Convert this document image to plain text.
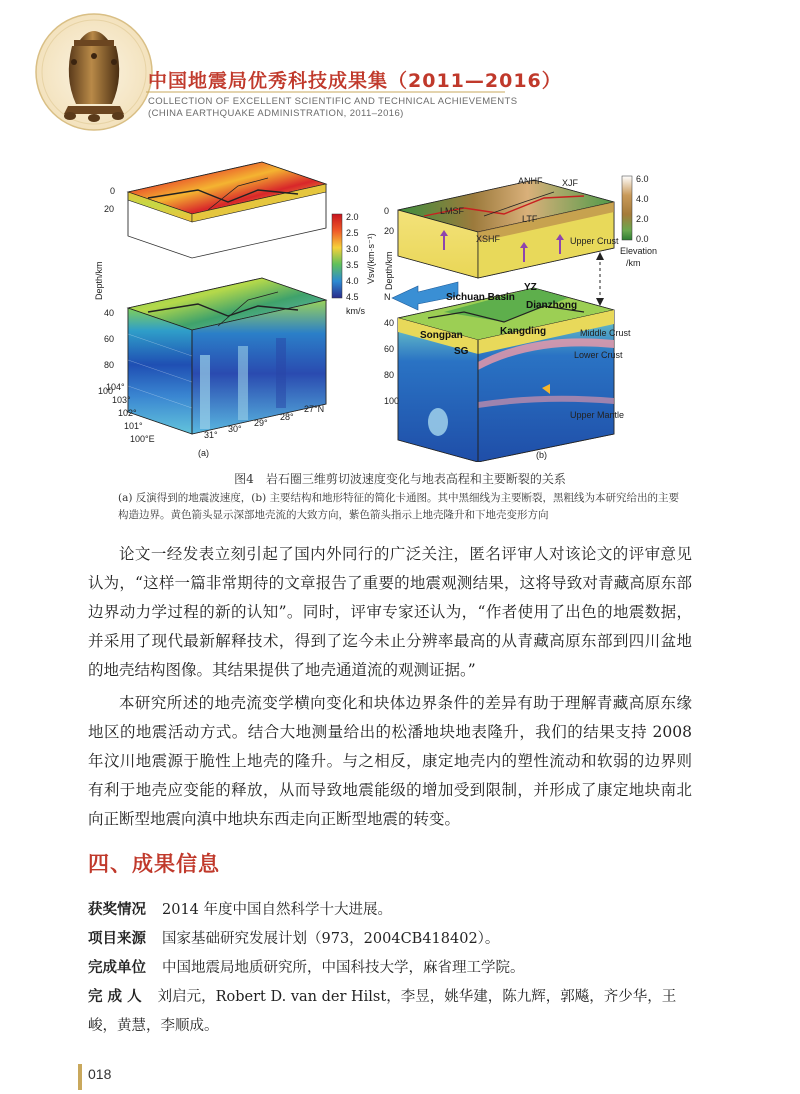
中国地震局优秀科技成果集（2011—2016）
COLLECTION OF EXCELLENT SCIENTIFIC AND TECHNICAL ACHIEVEMENTS
(CHINA EARTHQUAKE ADMINISTRATION, 2011–2016)
0
20
Depth/km
40
60
80
100
104°
103°
102°
101°
100°E
27°N
28°
29°
30°
31°
2.0
2.5
3.0
3.5
4.0
4.5
Vsv/(km·s⁻¹)
km/s
(a)
ANHF XJF
LMSF
LTF
XSHF	Upper Crust
0
20
6.0
4.0
2.0
0.0
Elevation
/km
N
Depth/km
Sichuan Basin
YZ
Dianzhong
Songpan	Kangding
SG
Middle Crust
Lower Crust
Upper Mantle
40
60
80
100
(b)
图4 岩石圈三维剪切波速度变化与地表高程和主要断裂的关系
(a) 反演得到的地震波速度，(b) 主要结构和地形特征的简化卡通图。其中黑细线为主要断裂，黑粗线为本研究给出的主要构造边界。黄色箭头显示深部地壳流的大致方向，紫色箭头指示上地壳隆升和下地壳变形方向

论文一经发表立刻引起了国内外同行的广泛关注，匿名评审人对该论文的评审意见认为，“这样一篇非常期待的文章报告了重要的地震观测结果，这将导致对青藏高原东部边界动力学过程的新的认知”。同时，评审专家还认为，“作者使用了出色的地震数据，并采用了现代最新解释技术，得到了迄今未止分辨率最高的从青藏高原东部到四川盆地的地壳结构图像。其结果提供了地壳通道流的观测证据。”

本研究所述的地壳流变学横向变化和块体边界条件的差异有助于理解青藏高原东缘地区的地震活动方式。结合大地测量给出的松潘地块地表隆升，我们的结果支持 2008 年汶川地震源于脆性上地壳的隆升。与之相反，康定地壳内的塑性流动和软弱的边界则有利于地壳应变能的释放，从而导致地震能级的增加受到限制，并形成了康定地块南北向正断型地震向滇中地块东西走向正断型地震的转变。

四、成果信息
获奖情况 2014 年度中国自然科学十大进展。
项目来源 国家基础研究发展计划（973，2004CB418402）。
完成单位 中国地震局地质研究所，中国科技大学，麻省理工学院。
完 成 人 刘启元，Robert D. van der Hilst，李昱，姚华建，陈九辉，郭飚，齐少华，王峻，黄慧，李顺成。
018
